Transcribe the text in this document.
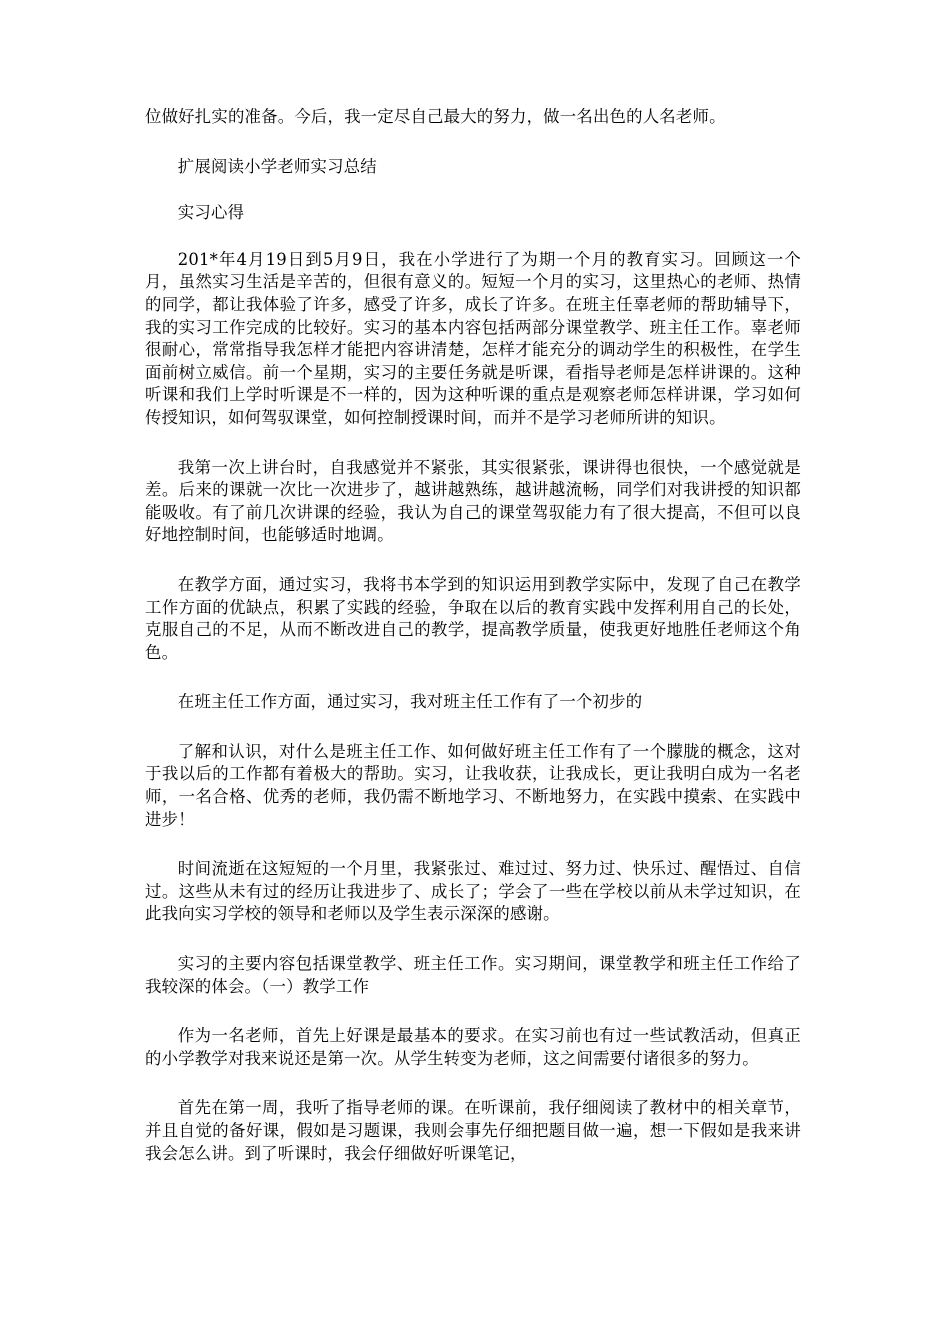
位做好扎实的准备。今后，我一定尽自己最大的努力，做一名出色的人名老师。

扩展阅读小学老师实习总结

实习心得

201*年4月19日到5月9日，我在小学进行了为期一个月的教育实习。回顾这一个月，虽然实习生活是辛苦的，但很有意义的。短短一个月的实习，这里热心的老师、热情的同学，都让我体验了许多，感受了许多，成长了许多。在班主任辜老师的帮助辅导下，我的实习工作完成的比较好。实习的基本内容包括两部分课堂教学、班主任工作。辜老师很耐心，常常指导我怎样才能把内容讲清楚，怎样才能充分的调动学生的积极性，在学生面前树立威信。前一个星期，实习的主要任务就是听课，看指导老师是怎样讲课的。这种听课和我们上学时听课是不一样的，因为这种听课的重点是观察老师怎样讲课，学习如何传授知识，如何驾驭课堂，如何控制授课时间，而并不是学习老师所讲的知识。

我第一次上讲台时，自我感觉并不紧张，其实很紧张，课讲得也很快，一个感觉就是差。后来的课就一次比一次进步了，越讲越熟练，越讲越流畅，同学们对我讲授的知识都能吸收。有了前几次讲课的经验，我认为自己的课堂驾驭能力有了很大提高，不但可以良好地控制时间，也能够适时地调。

在教学方面，通过实习，我将书本学到的知识运用到教学实际中，发现了自己在教学工作方面的优缺点，积累了实践的经验，争取在以后的教育实践中发挥利用自己的长处，克服自己的不足，从而不断改进自己的教学，提高教学质量，使我更好地胜任老师这个角色。

在班主任工作方面，通过实习，我对班主任工作有了一个初步的

了解和认识，对什么是班主任工作、如何做好班主任工作有了一个朦胧的概念，这对于我以后的工作都有着极大的帮助。实习，让我收获，让我成长，更让我明白成为一名老师，一名合格、优秀的老师，我仍需不断地学习、不断地努力，在实践中摸索、在实践中进步！

时间流逝在这短短的一个月里，我紧张过、难过过、努力过、快乐过、醒悟过、自信过。这些从未有过的经历让我进步了、成长了；学会了一些在学校以前从未学过知识，在此我向实习学校的领导和老师以及学生表示深深的感谢。

实习的主要内容包括课堂教学、班主任工作。实习期间，课堂教学和班主任工作给了我较深的体会。（一）教学工作

作为一名老师，首先上好课是最基本的要求。在实习前也有过一些试教活动，但真正的小学教学对我来说还是第一次。从学生转变为老师，这之间需要付诸很多的努力。

首先在第一周，我听了指导老师的课。在听课前，我仔细阅读了教材中的相关章节，并且自觉的备好课，假如是习题课，我则会事先仔细把题目做一遍，想一下假如是我来讲我会怎么讲。到了听课时，我会仔细做好听课笔记，
